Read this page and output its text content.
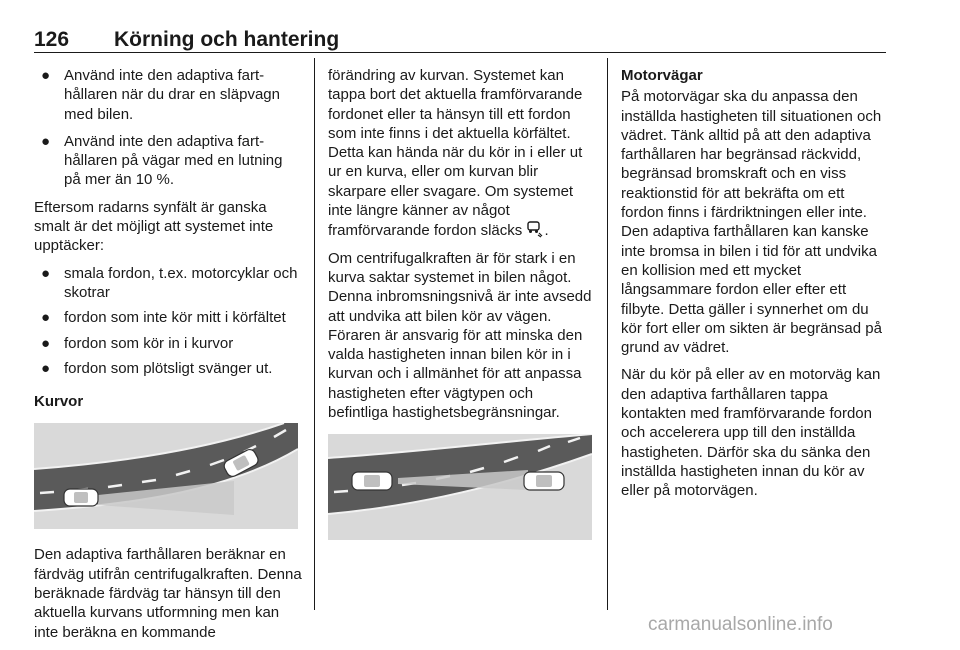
126 Körning och hantering
● Använd inte den adaptiva farthållaren när du drar en släpvagn med bilen.
● Använd inte den adaptiva farthållaren på vägar med en lutning på mer än 10 %.

Eftersom radarns synfält är ganska smalt är det möjligt att systemet inte upptäcker:

● smala fordon, t.ex. motorcyklar och skotrar
● fordon som inte kör mitt i körfältet
● fordon som kör in i kurvor
● fordon som plötsligt svänger ut.
Kurvor

Den adaptiva farthållaren beräknar en färdväg utifrån centrifugalkraften. Denna beräknade färdväg tar hänsyn till den aktuella kurvans utformning men kan inte beräkna en kommande

förändring av kurvan. Systemet kan tappa bort det aktuella framförvarande fordonet eller ta hänsyn till ett fordon som inte finns i det aktuella körfältet. Detta kan hända när du kör in i eller ut ur en kurva, eller om kurvan blir skarpare eller svagare. Om systemet inte längre känner av något framförvarande fordon släcks .

Om centrifugalkraften är för stark i en kurva saktar systemet in bilen något. Denna inbromsningsnivå är inte avsedd att undvika att bilen kör av vägen. Föraren är ansvarig för att minska den valda hastigheten innan bilen kör in i kurvan och i allmänhet för att anpassa hastigheten efter vägtypen och befintliga hastighetsbegränsningar.

Motorvägar

På motorvägar ska du anpassa den inställda hastigheten till situationen och vädret. Tänk alltid på att den adaptiva farthållaren har begränsad räckvidd, begränsad bromskraft och en viss reaktionstid för att bekräfta om ett fordon finns i färdriktningen eller inte. Den adaptiva farthållaren kan kanske inte bromsa in bilen i tid för att undvika en kollision med ett mycket långsammare fordon eller efter ett filbyte. Detta gäller i synnerhet om du kör fort eller om sikten är begränsad på grund av vädret.

När du kör på eller av en motorväg kan den adaptiva farthållaren tappa kontakten med framförvarande fordon och accelerera upp till den inställda hastigheten. Därför ska du sänka den inställda hastigheten innan du kör av eller på motorvägen.

carmanualsonline.info
